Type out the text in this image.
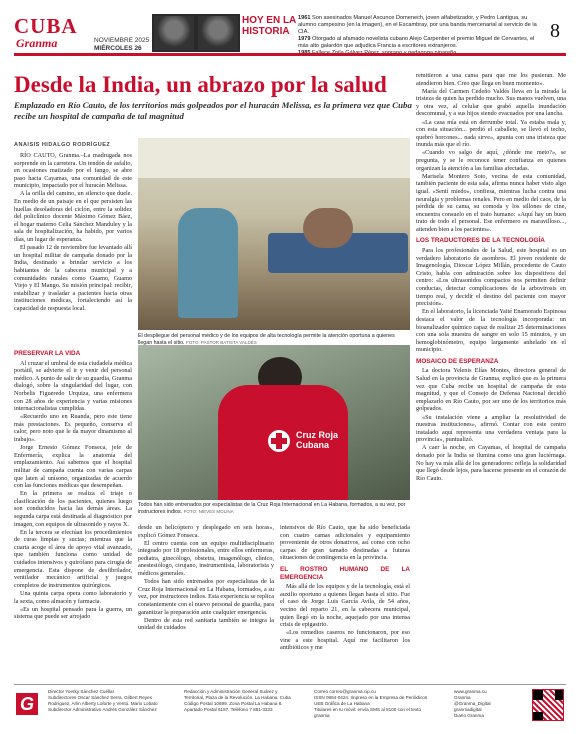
CUBA
Granma	NOVIEMBRE 2025
MIÉRCOLES 26
HOY EN LA
HISTORIA
1961 Son asesinados Manuel Ascunce Domenech, joven alfabetizador, y Pedro Lantigua, su alumno campesino (en la imagen), en el Escambray, por una banda mercenarial al servicio de la CIA.
1979 Otorgado al afamado novelista cubano Alejo Carpentier el premio Miguel de Cervantes, el más alto galardón que adjudica Francia a escritores extranjeros.
8
Desde la India, un abrazo por la salud
Emplazado en Río Cauto, de los territorios más golpeados por el huracán Melissa, es la primera vez que Cuba recibe un hospital de campaña de tal magnitud
ANAISIS HIDALGO RODRÍGUEZ

RÍO CAUTO, Granma.–La madrugada nos sorprende en la carretera. Un tendón de asfalto, en ocasiones matizado por el fango, se abre paso hacia Cayamas, una comunidad de este municipio, impactado por el huracán Melissa.

A la orilla del camino, un silencio que duele. En medio de un paisaje en el que persisten las huellas desoladoras del ciclón, entre la solidez del policlínico docente Máximo Gómez Báez, el hogar materno Celia Sánchez Manduley y la sala de hospitalización, ha habido, por varios días, un lugar de esperanza.

El pasado 12 de noviembre fue levantado allí un hospital militar de campaña donado por la India, destinado a brindar servicio a los habitantes de la cabecera municipal y a comunidades rurales como Guamo, Guamo Viejo y El Mango. Su misión principal: recibir, estabilizar y trasladar a pacientes hacia otras instituciones médicas, fortaleciendo así la capacidad de respuesta local.

PRESERVAR LA VIDA

Al cruzar el umbral de esta ciudadela médica portátil, se advierte el ir y venir del personal médico. A punto de salir de su guardia, Granma dialogó, sobre la singularidad del lugar, con Norbelis Figueredo Urquiza, una enfermera con 28 años de experiencia y varias misiones internacionalistas cumplidas.

«Recuerdo uno en Ruanda, pero este tiene más prestaciones. Es pequeño, conserva el calor, pero noto que le da mayor dinamismo al trabajo».

Jorge Ernesto Gómez Fonseca, jefe de Enfermería, explica la anatomía del emplazamiento. Así sabemos que el hospital militar de campaña cuenta con varias carpas que laten al unísono, organizadas de acuerdo con las funciones médicas que desempeñan.

En la primera se realiza el triaje o clasificación de los pacientes, quienes luego son conducidos hacia las demás áreas. La segunda carpa está destinada al diagnóstico por imagen, con equipos de ultrasonido y rayos X.

En la tercera se efectúan los procedimientos de curas limpias y sucias; mientras que la cuarta acoge el área de apoyo vital avanzado, que también funciona como unidad de cuidados intensivos y quirófano para cirugía de emergencia. Esta dispone de desfibrilador, ventilador mecánico artificial y juegos completos de instrumentos quirúrgicos.

Una quinta carpa opera como laboratorio y la sexta, como almacén y farmacia.

«Es un hospital pensado para la guerra, un sistema que puede ser arrojado

El despliegue del personal médico y de los equipos de alta tecnología permite la atención oportuna a quienes llegan hasta el sitio. FOTO: PASTOR BATISTA VALDÉS
Cruz Roja
Cubana
Todos han sido entrenados por especialistas de la Cruz Roja Internacional en La Habana, formados, a su vez, por instructores indios. FOTO: NIEVES MOLINA

desde un helicóptero y desplegado en seis horas», explicó Gómez Fonseca.

El centro cuenta con un equipo multidisciplinario integrado por 18 profesionales, entre ellos enfermeras, pediatra, ginecólogo, obstetra, imagenólogo, clínico, anestesiólogo, cirujano, instrumentista, laboratorista y médicos generales.

Todos han sido entrenados por especialistas de la Cruz Roja Internacional en La Habana, formados, a su vez, por instructores indios. Esta experiencia se replica constantemente con el nuevo personal de guardia, para garantizar la preparación ante cualquier emergencia.

Dentro de esta red sanitaria también se integra la unidad de cuidados

intensivos de Río Cauto, que ha sido beneficiada con cuatro camas adicionales y equipamiento proveniente de otros donativos, así como con ocho carpas de gran tamaño destinadas a futuras situaciones de contingencia en la provincia.

EL ROSTRO HUMANO DE LA EMERGENCIA

Más allá de los equipos y de la tecnología, está el auxilio oportuno a quienes llegan hasta el sitio. Fue el caso de Jorge Luis García Avila, de 54 años, vecino del reparto 21, en la cabecera municipal, quien llegó en la noche, aquejado por una intensa crisis de epigastrio.

«Los remedios caseros no funcionaron, por eso vine a este hospital. Aquí me facilitaron los antibióticos y me

remitieron a una cama para que me los pusieran. Me atendieron bien. Creo que llega en buen momento».

María del Carmen Cedeño Valdés lleva en la mirada la tristeza de quien ha perdido mucho. Sus manos vuelven, una y otra vez, al celular que grabó aquella inundación descomunal, y a sus hijos siendo evacuados por una lancha.

«La casa mía está en derrumbe total. Ya estaba mala y, con esta situación... perdió el caballete, se llevó el techo, quebró horcones... nada sirve», apunta con una tristeza que inunda más que el río.

«Cuando vo salgo de aquí, ¿dónde me meto?», se pregunta, y se le reconoce tener confianza en quienes organizan la atención a las familias afectadas.

Marisela Montero Soto, vecina de esta comunidad, también paciente de esta sala, afirma nunca haber visto algo igual. «Sentí miedo», confiesa, mientras lucha contra una neuralgia y problemas renales. Pero en medio del caos, de la pérdida de su cama, su comoda y los sillones de cine, encuentra consuelo en el trato humano: «Aquí hay un buen trato de todo el personal. Ese enfermero es maravilloso..., atienden bien a los pacientes».

LOS TRADUCTORES DE LA TECNOLOGÍA

Para los profesionales de la Salud, este hospital es un verdadero laboratorio de asombros. El joven residente de Imagenología, Dioscar López Millán, procedente de Cauto Cristo, habla con admiración sobre los dispositivos del centro: «Los ultrasonidos compactos nos permiten definir conductas, detectar complicaciones de la arbovirosis en tiempo real, y decidir el destino del paciente con mayor precisión».

En el laboratorio, la licenciada Yaité Enamorado Espinosa destaca el valor de la tecnología incorporada: un bioanalizador químico capaz de realizar 25 determinaciones con una sola muestra de sangre en solo 15 minutos, y un hemoglobinómetro, equipo largamente anhelado en el municipio.

MOSAICO DE ESPERANZA

La doctora Yelenis Elías Montes, directora general de Salud en la provincia de Granma, explicó que es la primera vez que Cuba recibe un hospital de campaña de esta magnitud, y que el Consejo de Defensa Nacional decidió emplazarlo en Río Cauto, por ser uno de los territorios más golpeados.

«Su instalación viene a ampliar la resolutividad de nuestras instituciones», afirmó. Contar con este centro instalado aquí representa una verdadera ventaja para la provincia», puntualizó.

A caer la noche, en Cayamas, el hospital de campaña donado por la India se ilumina como una gran luciérnaga. No hay va más allá de los generadores: refleja la solidaridad que llegó desde lejos, para hacerse presente en el corazón de Río Cauto.

G
Director Yoerky Sánchez Cuéllar
Subdirectores Oscar Sánchez Serra, Gilbert Reyes
Rodríguez, Arlin Alberty Loforte y Ventú. Mario Lobato
Subdirector Administrativo Andrés González Sánchez
Redacción y Administración General Suárez y
Territorial, Plaza de la Revolución. La Habana. Cuba
Código Postal 10699. Zona Postal La Habana 6.
Apartado Postal 6187. Teléfono 7 881-3333
Correo correo@granma.cip.cu
ISSN 0864-0424. Impreso en la Empresa de Periódicos
UEB Gráfica de La Habana
Titulares en tu móvil: envía SMS al 8100 con el texto granma
www.granma.cu
Granma
@Granma_Digital
granmadigital
Diario Granma
